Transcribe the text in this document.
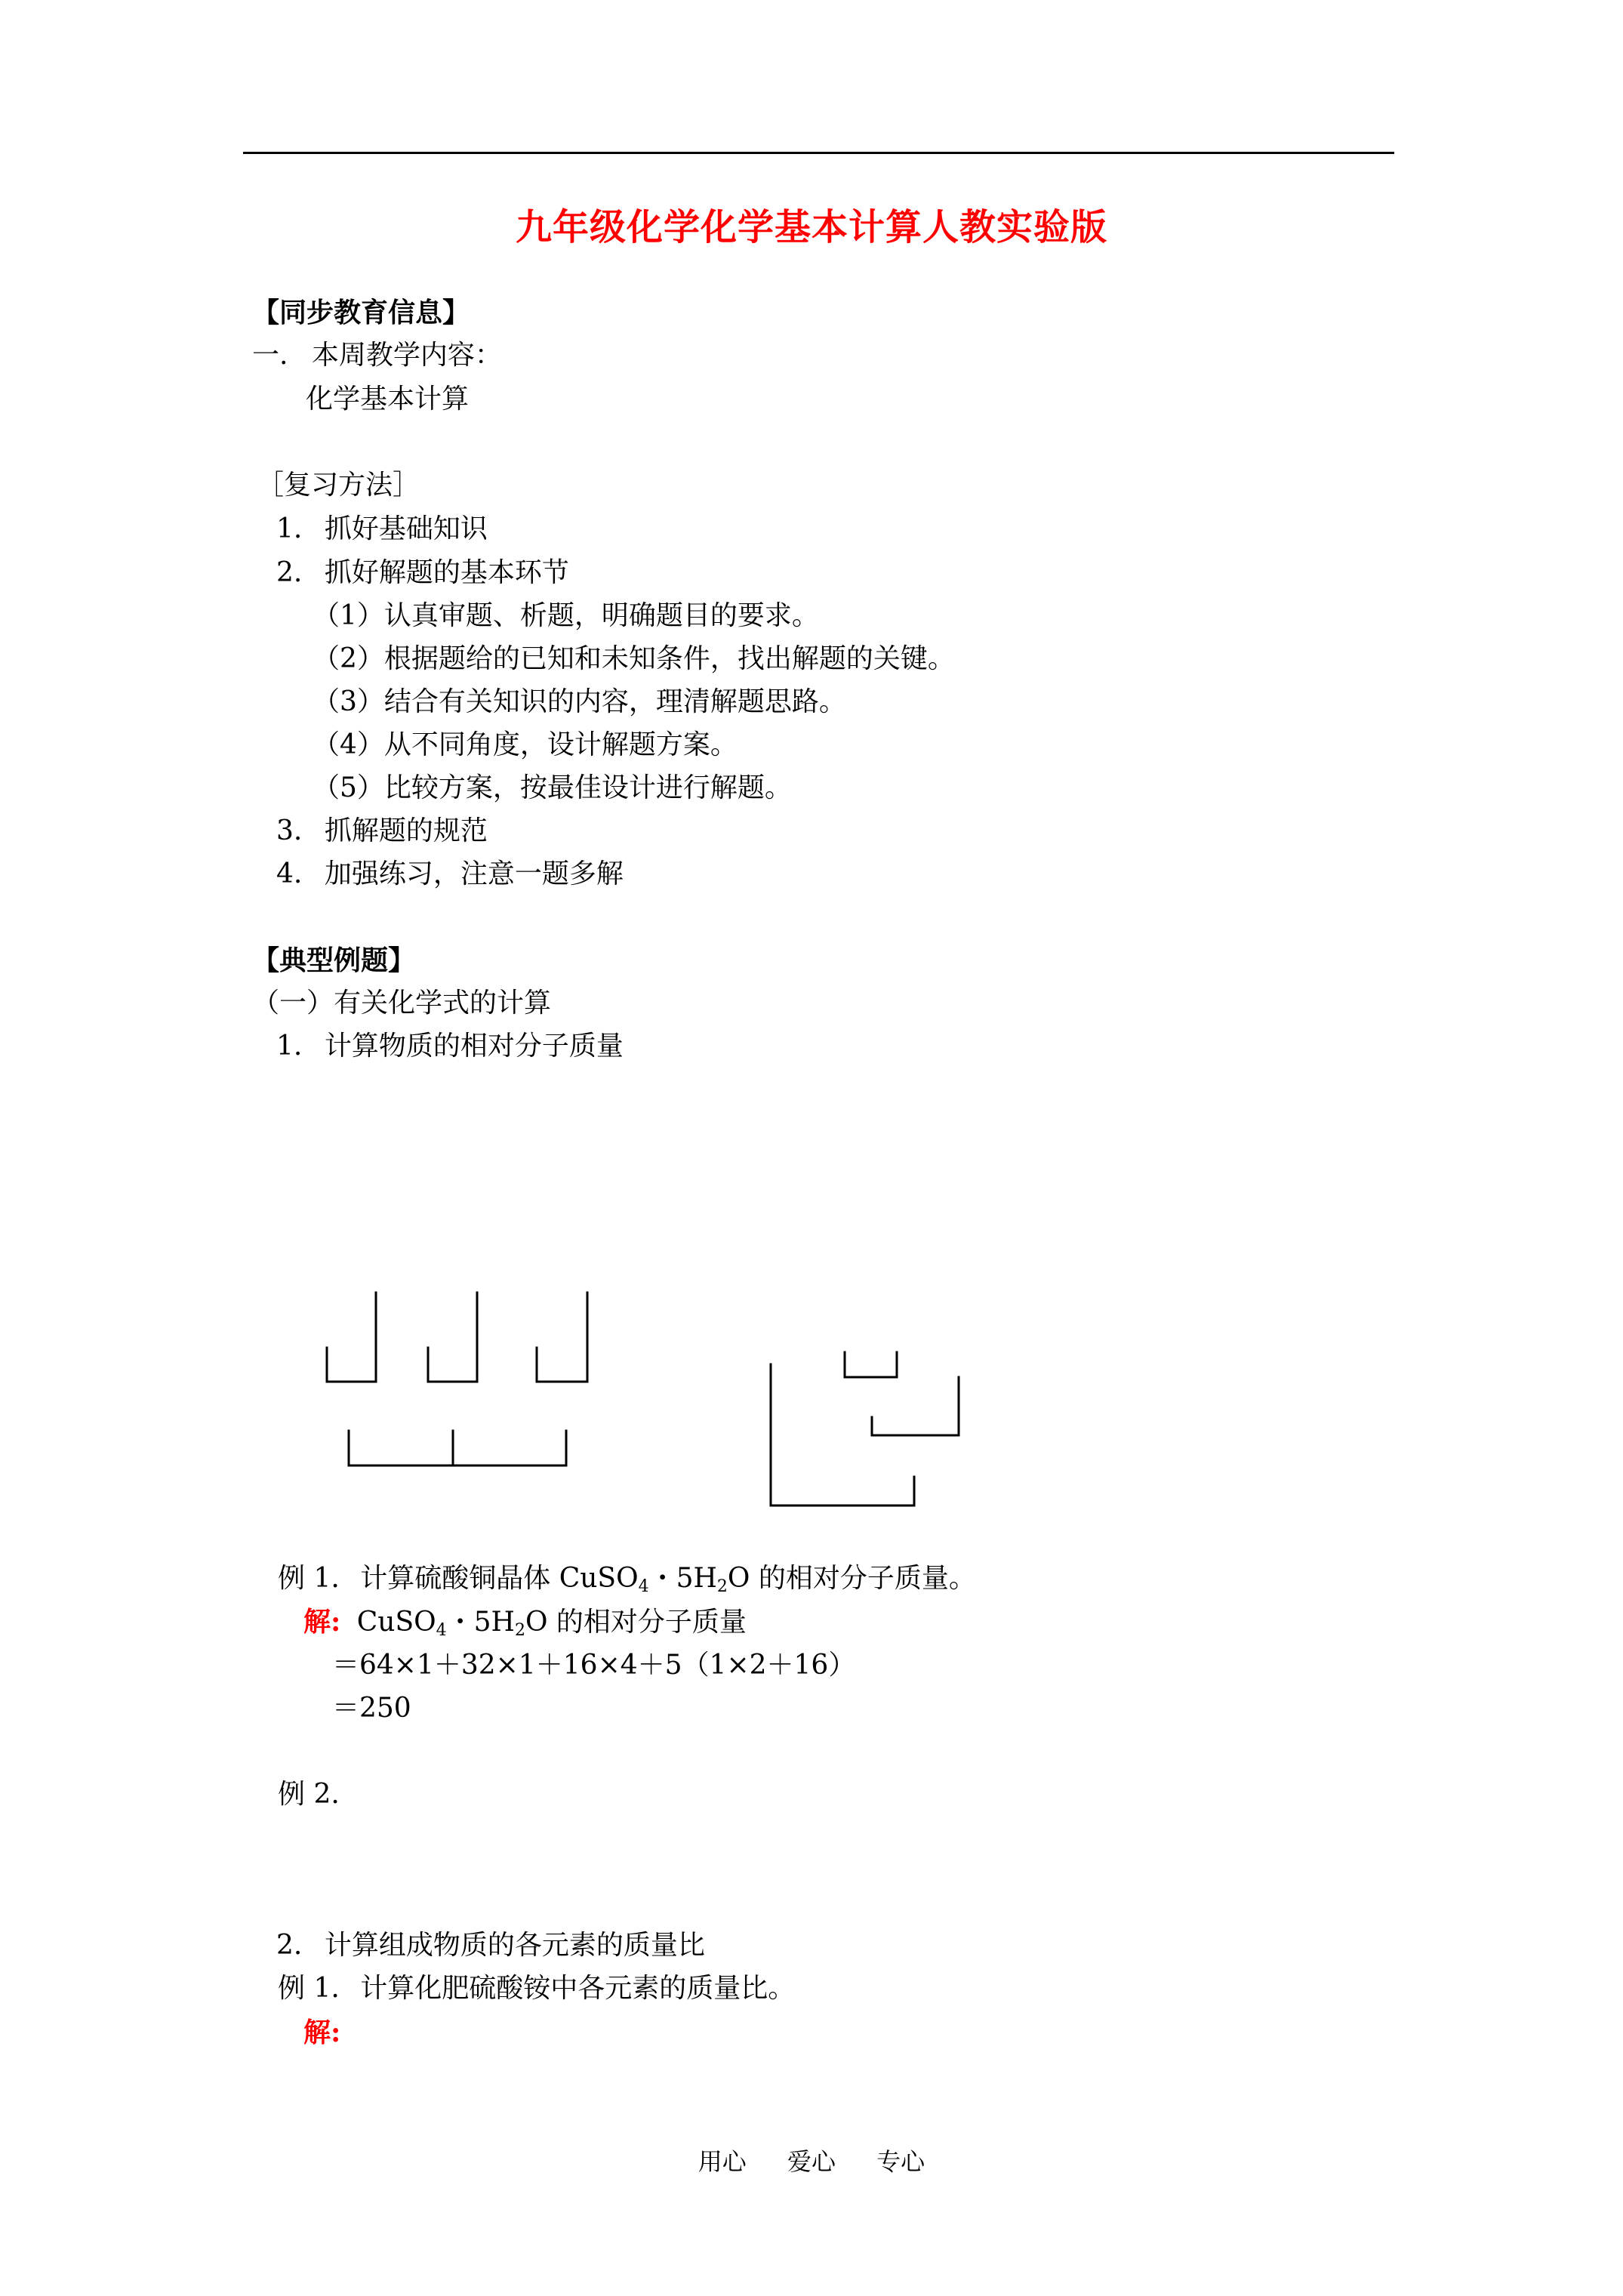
九年级化学化学基本计算人教实验版
【同步教育信息】
一. 本周教学内容：
化学基本计算
［复习方法］
1. 抓好基础知识
2. 抓好解题的基本环节
（1）认真审题、析题，明确题目的要求。
（2）根据题给的已知和未知条件，找出解题的关键。
（3）结合有关知识的内容，理清解题思路。
（4）从不同角度，设计解题方案。
（5）比较方案，按最佳设计进行解题。
3. 抓解题的规范
4. 加强练习，注意一题多解
【典型例题】
（一）有关化学式的计算
1. 计算物质的相对分子质量
例 1. 计算硫酸铜晶体 CuSO$_4$・$5H_2O$ 的相对分子质量。
解: CuSO$_4$・$5H_2O$ 的相对分子质量
＝64×1＋32×1＋16×4＋5（1×2＋16）
＝250
例 2.
2. 计算组成物质的各元素的质量比
例 1. 计算化肥硫酸铵中各元素的质量比。
解:
用心 爱心 专心
